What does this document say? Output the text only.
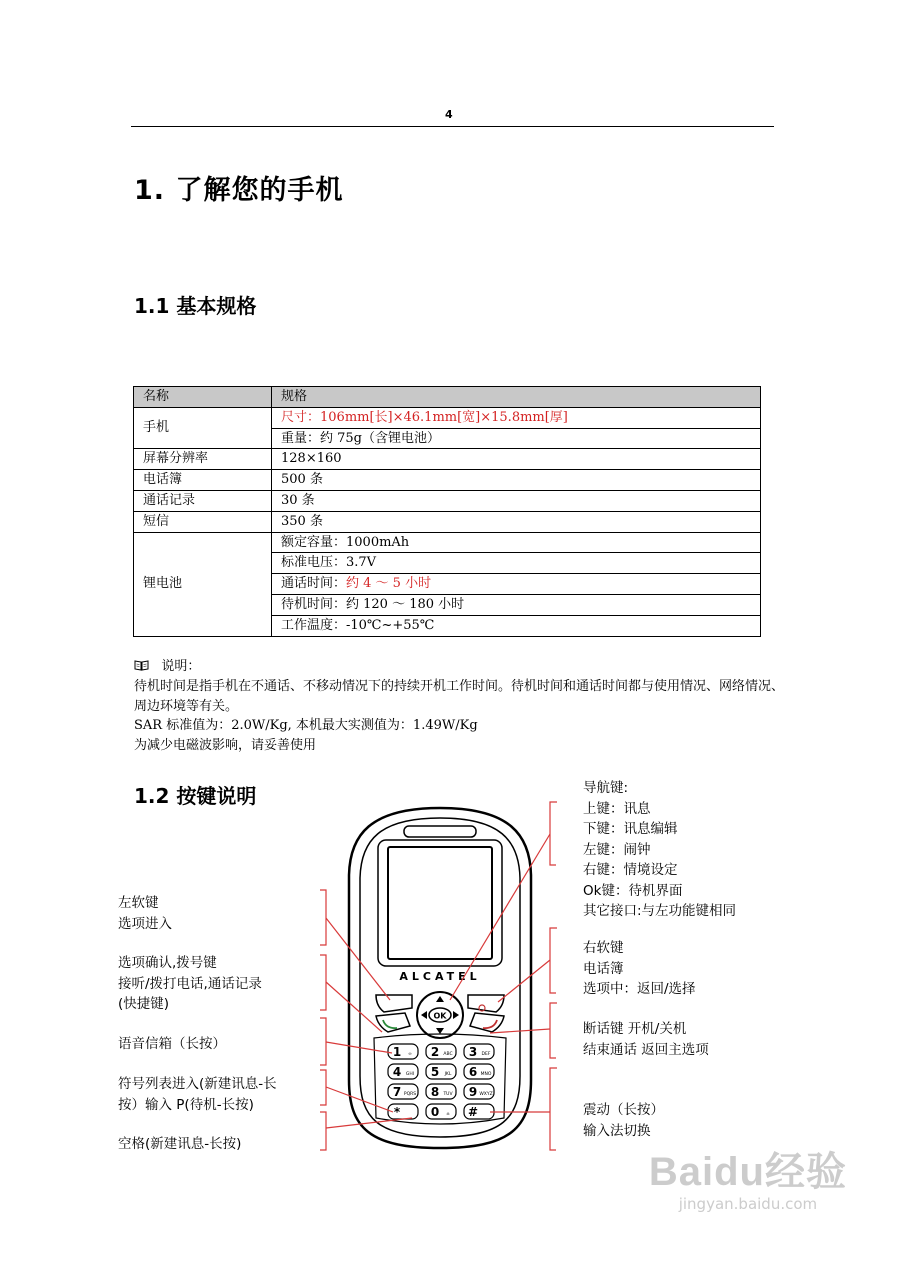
4
1. 了解您的手机
1.1 基本规格
名称	规格
手机	尺寸：106mm[长]×46.1mm[宽]×15.8mm[厚]
	重量：约 75g（含锂电池）
屏幕分辨率	128×160
电话簿	500 条
通话记录	30 条
短信	350 条
锂电池	额定容量：1000mAh
	标准电压：3.7V
	通话时间：约 4 ～ 5 小时
	待机时间：约 120 ～ 180 小时
	工作温度：-10℃~+55℃
说明：
待机时间是指手机在不通话、不移动情况下的持续开机工作时间。待机时间和通话时间都与使用情况、网络情况、周边环境等有关。
SAR 标准值为：2.0W/Kg, 本机最大实测值为：1.49W/Kg
为减少电磁波影响，请妥善使用
1.2 按键说明
OK
ALCATEL
1 ∞ 2 ABC 3 DEF
4 GHI 5 JKL 6 MNO
7 PQRS 8 TUV 9 WXYZ
*	0 ± #
导航键:
上键：讯息
下键：讯息编辑
左键：闹钟
右键：情境设定
Ok键：待机界面
其它接口:与左功能键相同
右软键
电话簿
选项中：返回/选择
断话键 开机/关机
结束通话 返回主选项
震动（长按）
输入法切换
左软键
选项进入
选项确认,拨号键
接听/拨打电话,通话记录
(快捷键)
语音信箱（长按）
符号列表进入(新建讯息-长
按）输入 P(待机-长按)
空格(新建讯息-长按)
Baidu经验
jingyan.baidu.com
